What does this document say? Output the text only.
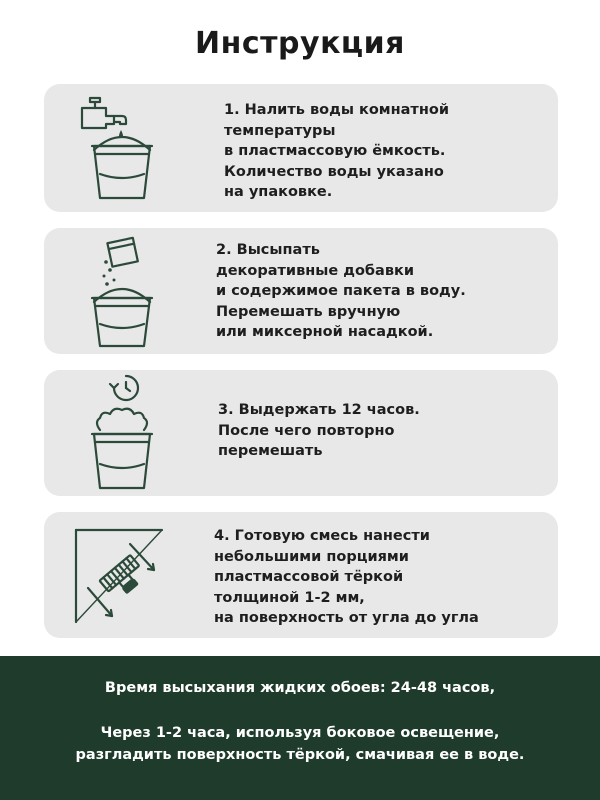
Инструкция
1. Налить воды комнатной
температуры
в пластмассовую ёмкость.
Количество воды указано
на упаковке.
2. Высыпать
декоративные добавки
и содержимое пакета в воду.
Перемешать вручную
или миксерной насадкой.
3. Выдержать 12 часов.
После чего повторно
перемешать
4. Готовую смесь нанести
небольшими порциями
пластмассовой тёркой
толщиной 1-2 мм,
на поверхность от угла до угла
Время высыхания жидких обоев: 24-48 часов,
Через 1-2 часа, используя боковое освещение,
разгладить поверхность тёркой, смачивая ее в воде.
